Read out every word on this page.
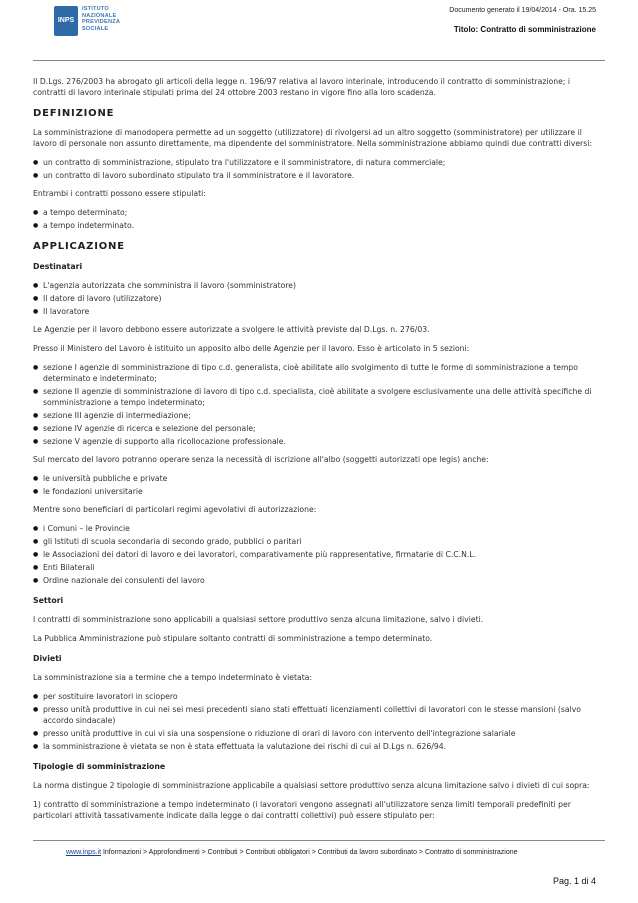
INPS
ISTITUTO
NAZIONALE
PREVIDENZA
SOCIALE
Documento generato il 19/04/2014 - Ora. 15.25
Titolo: Contratto di somministrazione

Il D.Lgs. 276/2003 ha abrogato gli articoli della legge n. 196/97 relativa al lavoro interinale, introducendo il contratto di somministrazione; i contratti di lavoro interinale stipulati prima del 24 ottobre 2003 restano in vigore fino alla loro scadenza.

DEFINIZIONE

La somministrazione di manodopera permette ad un soggetto (utilizzatore) di rivolgersi ad un altro soggetto (somministratore) per utilizzare il lavoro di personale non assunto direttamente, ma dipendente del somministratore. Nella somministrazione abbiamo quindi due contratti diversi:

● un contratto di somministrazione, stipulato tra l'utilizzatore e il somministratore, di natura commerciale;
● un contratto di lavoro subordinato stipulato tra il somministratore e il lavoratore.

Entrambi i contratti possono essere stipulati:

● a tempo determinato;
● a tempo indeterminato.
APPLICAZIONE
Destinatari
● L'agenzia autorizzata che somministra il lavoro (somministratore)
● Il datore di lavoro (utilizzatore)
● Il lavoratore

Le Agenzie per il lavoro debbono essere autorizzate a svolgere le attività previste dal D.Lgs. n. 276/03.

Presso il Ministero del Lavoro è istituito un apposito albo delle Agenzie per il lavoro. Esso è articolato in 5 sezioni:

● sezione I agenzie di somministrazione di tipo c.d. generalista, cioè abilitate allo svolgimento di tutte le forme di somministrazione a tempo determinato e indeterminato;
● sezione II agenzie di somministrazione di lavoro di tipo c.d. specialista, cioè abilitate a svolgere esclusivamente una delle attività specifiche di somministrazione a tempo indeterminato;
● sezione III agenzie di intermediazione;
● sezione IV agenzie di ricerca e selezione del personale;
● sezione V agenzie di supporto alla ricollocazione professionale.

Sul mercato del lavoro potranno operare senza la necessità di iscrizione all'albo (soggetti autorizzati ope legis) anche:

● le università pubbliche e private
● le fondazioni universitarie

Mentre sono beneficiari di particolari regimi agevolativi di autorizzazione:

● i Comuni – le Provincie
● gli Istituti di scuola secondaria di secondo grado, pubblici o paritari
● le Associazioni dei datori di lavoro e dei lavoratori, comparativamente più rappresentative, firmatarie di C.C.N.L.
● Enti Bilaterali
● Ordine nazionale dei consulenti del lavoro
Settori

I contratti di somministrazione sono applicabili a qualsiasi settore produttivo senza alcuna limitazione, salvo i divieti.

La Pubblica Amministrazione può stipulare soltanto contratti di somministrazione a tempo determinato.

Divieti

La somministrazione sia a termine che a tempo indeterminato è vietata:

● per sostituire lavoratori in sciopero
● presso unità produttive in cui nei sei mesi precedenti siano stati effettuati licenziamenti collettivi di lavoratori con le stesse mansioni (salvo accordo sindacale)
● presso unità produttive in cui vi sia una sospensione o riduzione di orari di lavoro con intervento dell'integrazione salariale
● la somministrazione è vietata se non è stata effettuata la valutazione dei rischi di cui al D.Lgs n. 626/94.
Tipologie di somministrazione

La norma distingue 2 tipologie di somministrazione applicabile a qualsiasi settore produttivo senza alcuna limitazione salvo i divieti di cui sopra:

1) contratto di somministrazione a tempo indeterminato (i lavoratori vengono assegnati all'utilizzatore senza limiti temporali predefiniti per particolari attività tassativamente indicate dalla legge o dai contratti collettivi) può essere stipulato per:

www.inps.it Informazioni > Approfondimenti > Contributi > Contributi obbligatori > Contributi da lavoro subordinato > Contratto di somministrazione
Pag. 1 di 4
